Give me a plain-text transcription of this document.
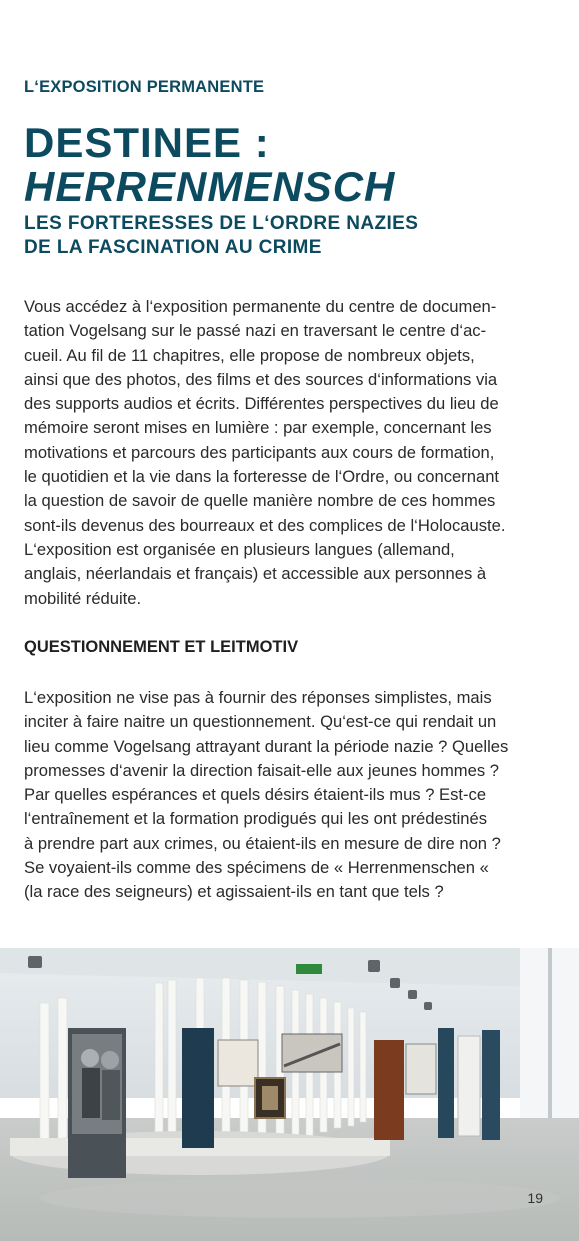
L‘EXPOSITION PERMANENTE
DESTINEE :
HERRENMENSCH
LES FORTERESSES DE L‘ORDRE NAZIES
DE LA FASCINATION AU CRIME
Vous accédez à l‘exposition permanente du centre de documen-
tation Vogelsang sur le passé nazi en traversant le centre d‘ac-
cueil. Au fil de 11 chapitres, elle propose de nombreux objets,
ainsi que des photos, des films et des sources d‘informations via
des supports audios et écrits. Différentes perspectives du lieu de
mémoire seront mises en lumière : par exemple, concernant les
motivations et parcours des participants aux cours de formation,
le quotidien et la vie dans la forteresse de l‘Ordre, ou concernant
la question de savoir de quelle manière nombre de ces hommes
sont-ils devenus des bourreaux et des complices de l‘Holocauste.
L‘exposition est organisée en plusieurs langues (allemand,
anglais, néerlandais et français) et accessible aux personnes à
mobilité réduite.
QUESTIONNEMENT ET LEITMOTIV
L‘exposition ne vise pas à fournir des réponses simplistes, mais
inciter à faire naitre un questionnement. Qu‘est-ce qui rendait un
lieu comme Vogelsang attrayant durant la période nazie ? Quelles
promesses d‘avenir la direction faisait-elle aux jeunes hommes ?
Par quelles espérances et quels désirs étaient-ils mus ? Est-ce
l‘entraînement et la formation prodigués qui les ont prédestinés
à prendre part aux crimes, ou étaient-ils en mesure de dire non ?
Se voyaient-ils comme des spécimens de « Herrenmenschen «
(la race des seigneurs) et agissaient-ils en tant que tels ?
19
